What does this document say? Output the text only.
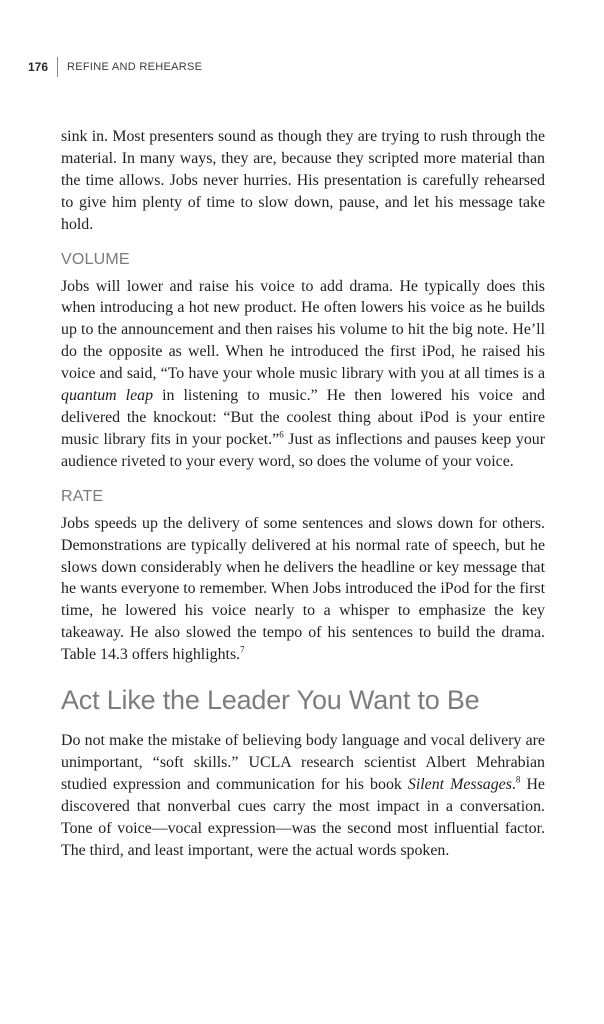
176 REFINE AND REHEARSE

sink in. Most presenters sound as though they are trying to rush through the material. In many ways, they are, because they scripted more material than the time allows. Jobs never hurries. His presentation is carefully rehearsed to give him plenty of time to slow down, pause, and let his message take hold.

VOLUME

Jobs will lower and raise his voice to add drama. He typically does this when introducing a hot new product. He often lowers his voice as he builds up to the announcement and then raises his volume to hit the big note. He’ll do the opposite as well. When he introduced the first iPod, he raised his voice and said, “To have your whole music library with you at all times is a quantum leap in listening to music.” He then lowered his voice and delivered the knockout: “But the coolest thing about iPod is your entire music library fits in your pocket.”$^6$ Just as inflections and pauses keep your audience riveted to your every word, so does the volume of your voice.

RATE

Jobs speeds up the delivery of some sentences and slows down for others. Demonstrations are typically delivered at his normal rate of speech, but he slows down considerably when he delivers the headline or key message that he wants everyone to remember. When Jobs introduced the iPod for the first time, he lowered his voice nearly to a whisper to emphasize the key takeaway. He also slowed the tempo of his sentences to build the drama. Table 14.3 offers highlights.$^7$

Act Like the Leader You Want to Be

Do not make the mistake of believing body language and vocal delivery are unimportant, “soft skills.” UCLA research scientist Albert Mehrabian studied expression and communication for his book Silent Messages.$^8$ He discovered that nonverbal cues carry the most impact in a conversation. Tone of voice—vocal expression—was the second most influential factor. The third, and least important, were the actual words spoken.
